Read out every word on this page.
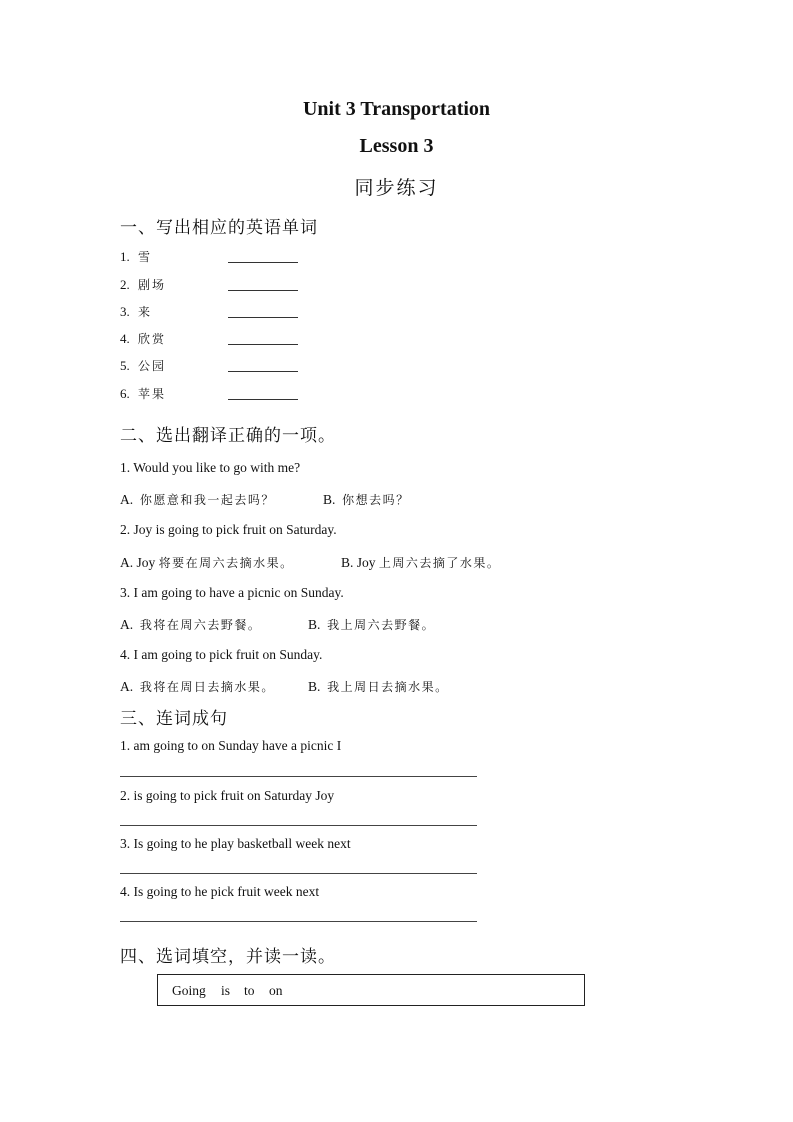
Unit 3 Transportation
Lesson 3
同步练习
一、写出相应的英语单词
1. 雪
2. 剧场
3. 来
4. 欣赏
5. 公园
6. 苹果
二、选出翻译正确的一项。
1. Would you like to go with me?
A. 你愿意和我一起去吗？	B. 你想去吗？
2. Joy is going to pick fruit on Saturday.
A. Joy 将要在周六去摘水果。	B. Joy 上周六去摘了水果。
3. I am going to have a picnic on Sunday.
A. 我将在周六去野餐。	B. 我上周六去野餐。
4. I am going to pick fruit on Sunday.
A. 我将在周日去摘水果。 B. 我上周日去摘水果。
三、连词成句
1. am going to on Sunday have a picnic I
2. is going to pick fruit on Saturday Joy
3. Is going to he play basketball week next
4. Is going to he pick fruit week next
四、选词填空，并读一读。
Going is to on
